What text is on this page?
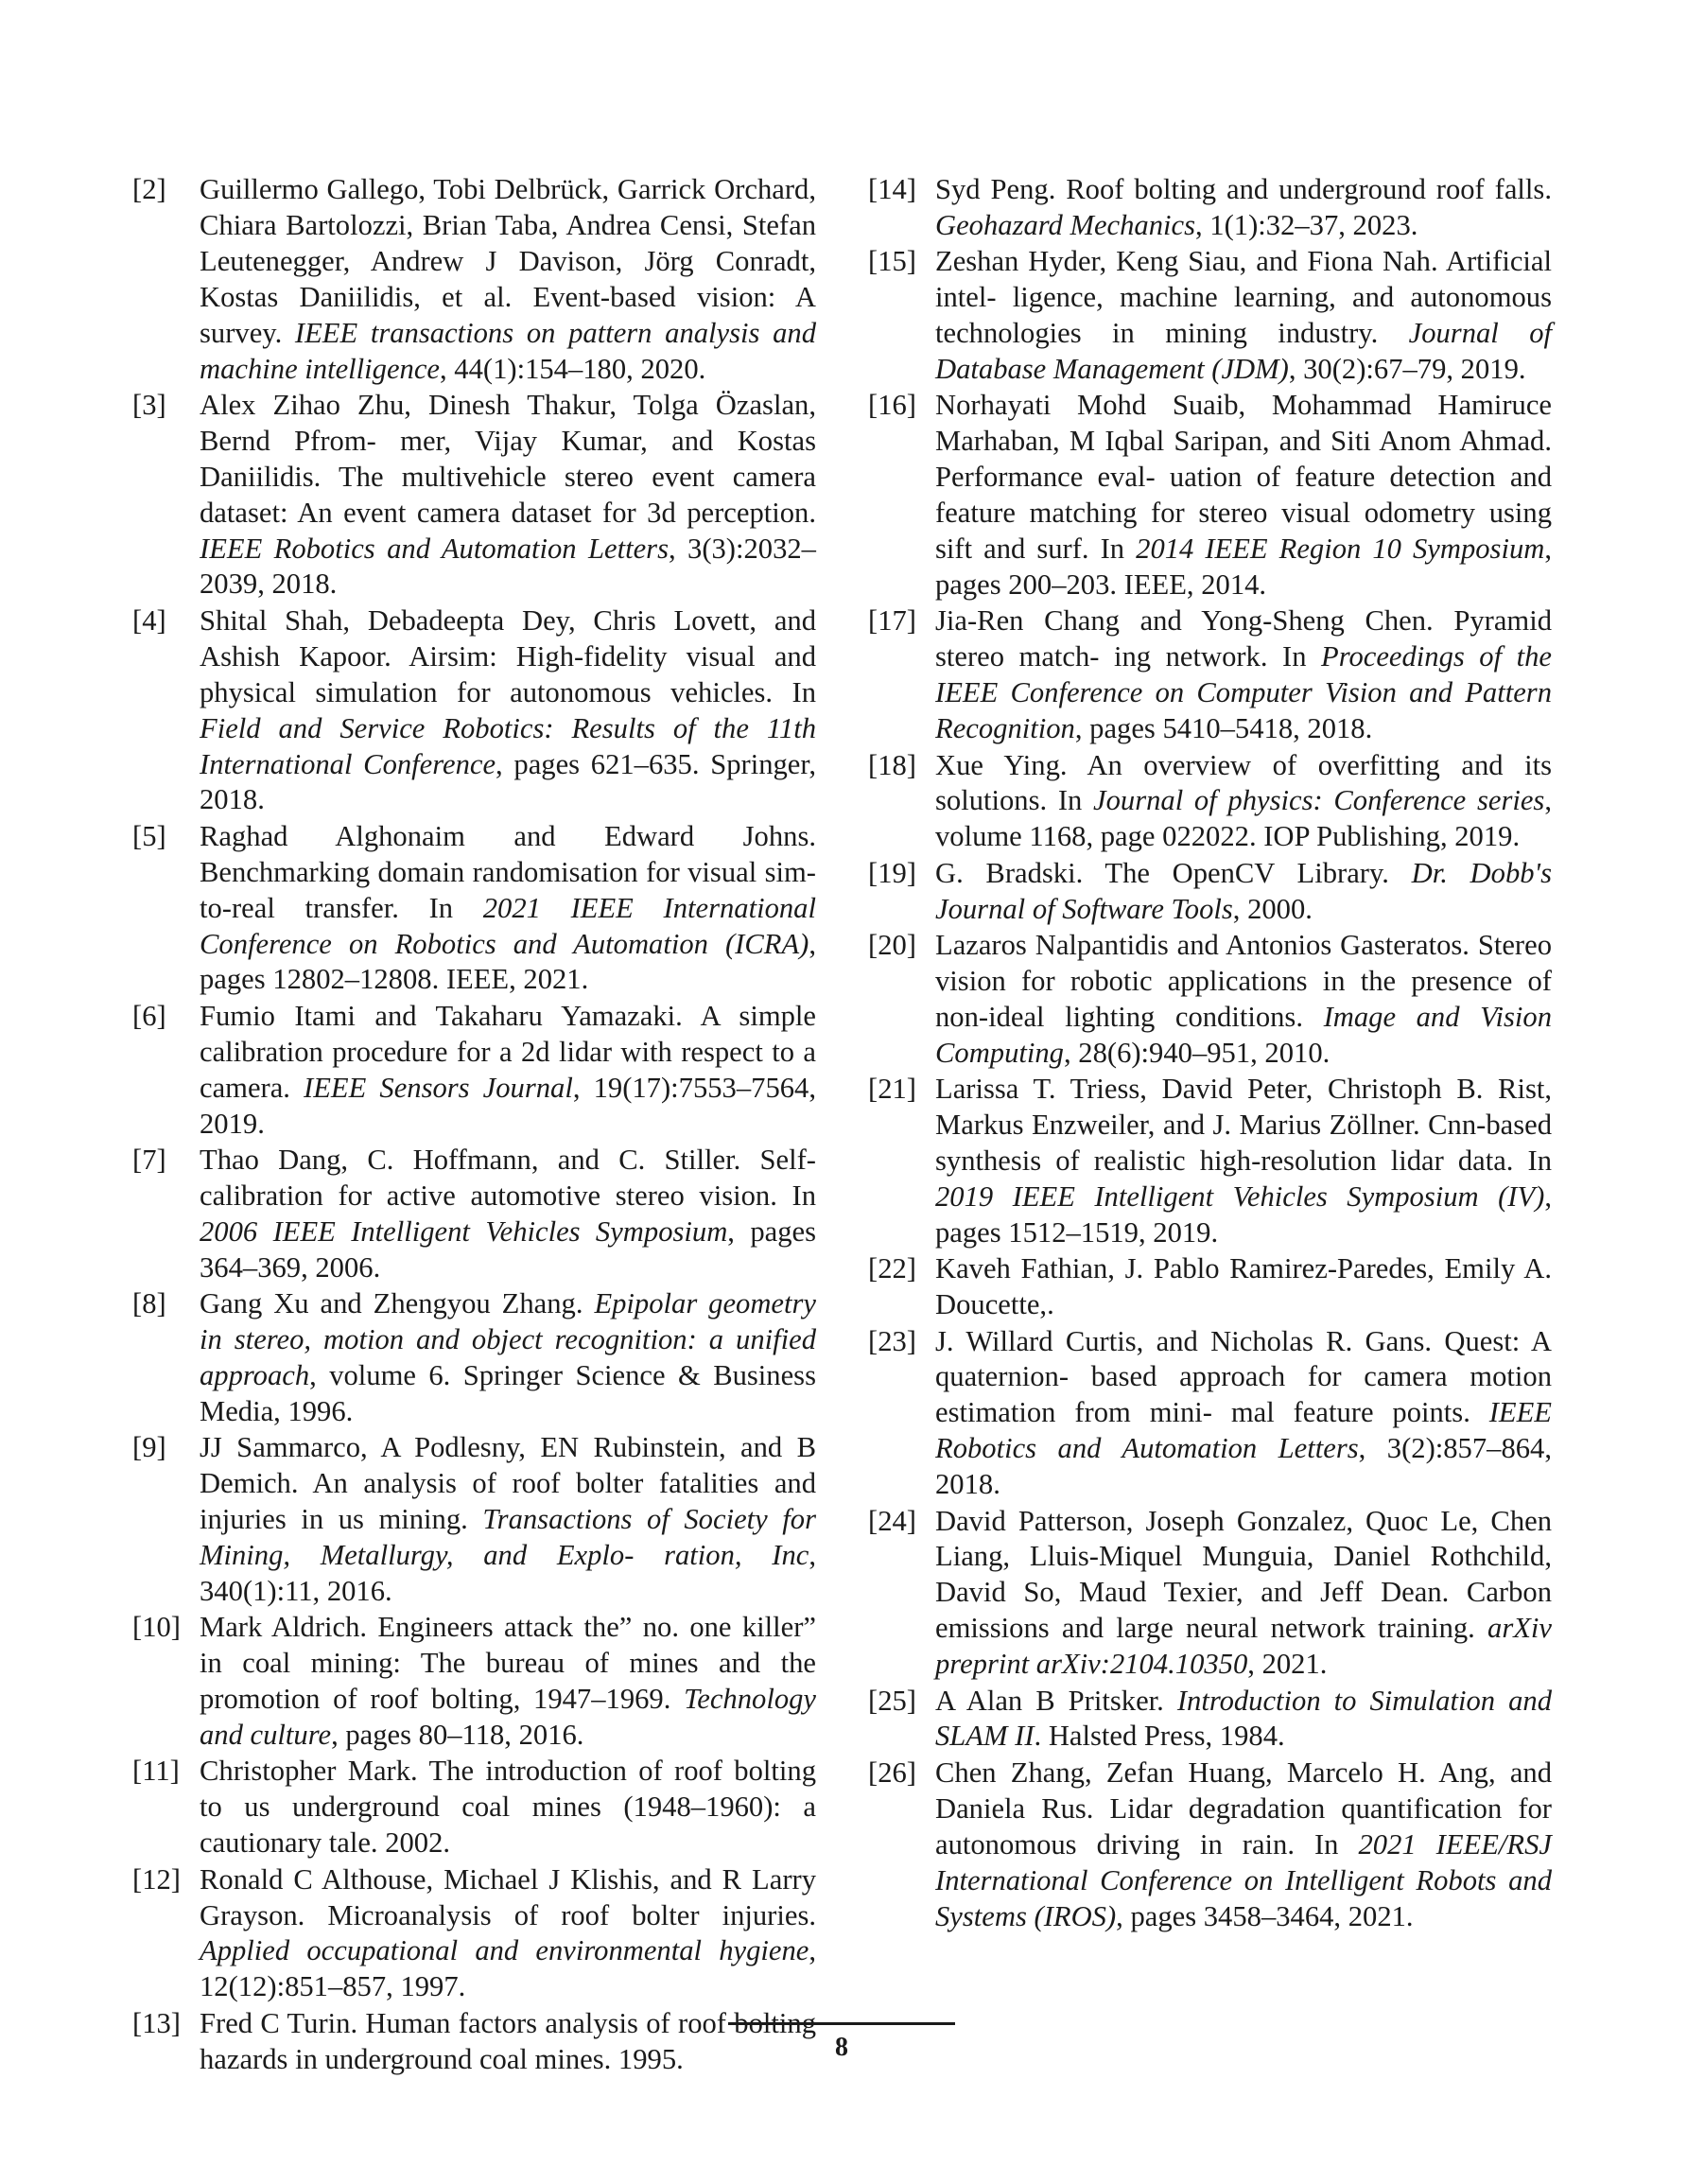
[2] Guillermo Gallego, Tobi Delbrück, Garrick Orchard, Chiara Bartolozzi, Brian Taba, Andrea Censi, Stefan Leutenegger, Andrew J Davison, Jörg Conradt, Kostas Daniilidis, et al. Event-based vision: A survey. IEEE transactions on pattern analysis and machine intelligence, 44(1):154–180, 2020.
[3] Alex Zihao Zhu, Dinesh Thakur, Tolga Özaslan, Bernd Pfrom- mer, Vijay Kumar, and Kostas Daniilidis. The multivehicle stereo event camera dataset: An event camera dataset for 3d perception. IEEE Robotics and Automation Letters, 3(3):2032– 2039, 2018.
[4] Shital Shah, Debadeepta Dey, Chris Lovett, and Ashish Kapoor. Airsim: High-fidelity visual and physical simulation for autonomous vehicles. In Field and Service Robotics: Results of the 11th International Conference, pages 621–635. Springer, 2018.
[5] Raghad Alghonaim and Edward Johns. Benchmarking domain randomisation for visual sim-to-real transfer. In 2021 IEEE International Conference on Robotics and Automation (ICRA), pages 12802–12808. IEEE, 2021.
[6] Fumio Itami and Takaharu Yamazaki. A simple calibration procedure for a 2d lidar with respect to a camera. IEEE Sensors Journal, 19(17):7553–7564, 2019.
[7] Thao Dang, C. Hoffmann, and C. Stiller. Self-calibration for active automotive stereo vision. In 2006 IEEE Intelligent Vehicles Symposium, pages 364–369, 2006.
[8] Gang Xu and Zhengyou Zhang. Epipolar geometry in stereo, motion and object recognition: a unified approach, volume 6. Springer Science & Business Media, 1996.
[9] JJ Sammarco, A Podlesny, EN Rubinstein, and B Demich. An analysis of roof bolter fatalities and injuries in us mining. Transactions of Society for Mining, Metallurgy, and Explo- ration, Inc, 340(1):11, 2016.
[10] Mark Aldrich. Engineers attack the” no. one killer” in coal mining: The bureau of mines and the promotion of roof bolting, 1947–1969. Technology and culture, pages 80–118, 2016.
[11] Christopher Mark. The introduction of roof bolting to us underground coal mines (1948–1960): a cautionary tale. 2002.
[12] Ronald C Althouse, Michael J Klishis, and R Larry Grayson. Microanalysis of roof bolter injuries. Applied occupational and environmental hygiene, 12(12):851–857, 1997.
[13] Fred C Turin. Human factors analysis of roof bolting hazards in underground coal mines. 1995.
[14] Syd Peng. Roof bolting and underground roof falls. Geohazard Mechanics, 1(1):32–37, 2023.
[15] Zeshan Hyder, Keng Siau, and Fiona Nah. Artificial intel- ligence, machine learning, and autonomous technologies in mining industry. Journal of Database Management (JDM), 30(2):67–79, 2019.
[16] Norhayati Mohd Suaib, Mohammad Hamiruce Marhaban, M Iqbal Saripan, and Siti Anom Ahmad. Performance eval- uation of feature detection and feature matching for stereo visual odometry using sift and surf. In 2014 IEEE Region 10 Symposium, pages 200–203. IEEE, 2014.
[17] Jia-Ren Chang and Yong-Sheng Chen. Pyramid stereo match- ing network. In Proceedings of the IEEE Conference on Computer Vision and Pattern Recognition, pages 5410–5418, 2018.
[18] Xue Ying. An overview of overfitting and its solutions. In Journal of physics: Conference series, volume 1168, page 022022. IOP Publishing, 2019.
[19] G. Bradski. The OpenCV Library. Dr. Dobb's Journal of Software Tools, 2000.
[20] Lazaros Nalpantidis and Antonios Gasteratos. Stereo vision for robotic applications in the presence of non-ideal lighting conditions. Image and Vision Computing, 28(6):940–951, 2010.
[21] Larissa T. Triess, David Peter, Christoph B. Rist, Markus Enzweiler, and J. Marius Zöllner. Cnn-based synthesis of realistic high-resolution lidar data. In 2019 IEEE Intelligent Vehicles Symposium (IV), pages 1512–1519, 2019.
[22] Kaveh Fathian, J. Pablo Ramirez-Paredes, Emily A. Doucette,.
[23] J. Willard Curtis, and Nicholas R. Gans. Quest: A quaternion- based approach for camera motion estimation from mini- mal feature points. IEEE Robotics and Automation Letters, 3(2):857–864, 2018.
[24] David Patterson, Joseph Gonzalez, Quoc Le, Chen Liang, Lluis-Miquel Munguia, Daniel Rothchild, David So, Maud Texier, and Jeff Dean. Carbon emissions and large neural network training. arXiv preprint arXiv:2104.10350, 2021.
[25] A Alan B Pritsker. Introduction to Simulation and SLAM II. Halsted Press, 1984.
[26] Chen Zhang, Zefan Huang, Marcelo H. Ang, and Daniela Rus. Lidar degradation quantification for autonomous driving in rain. In 2021 IEEE/RSJ International Conference on Intelligent Robots and Systems (IROS), pages 3458–3464, 2021.
8
